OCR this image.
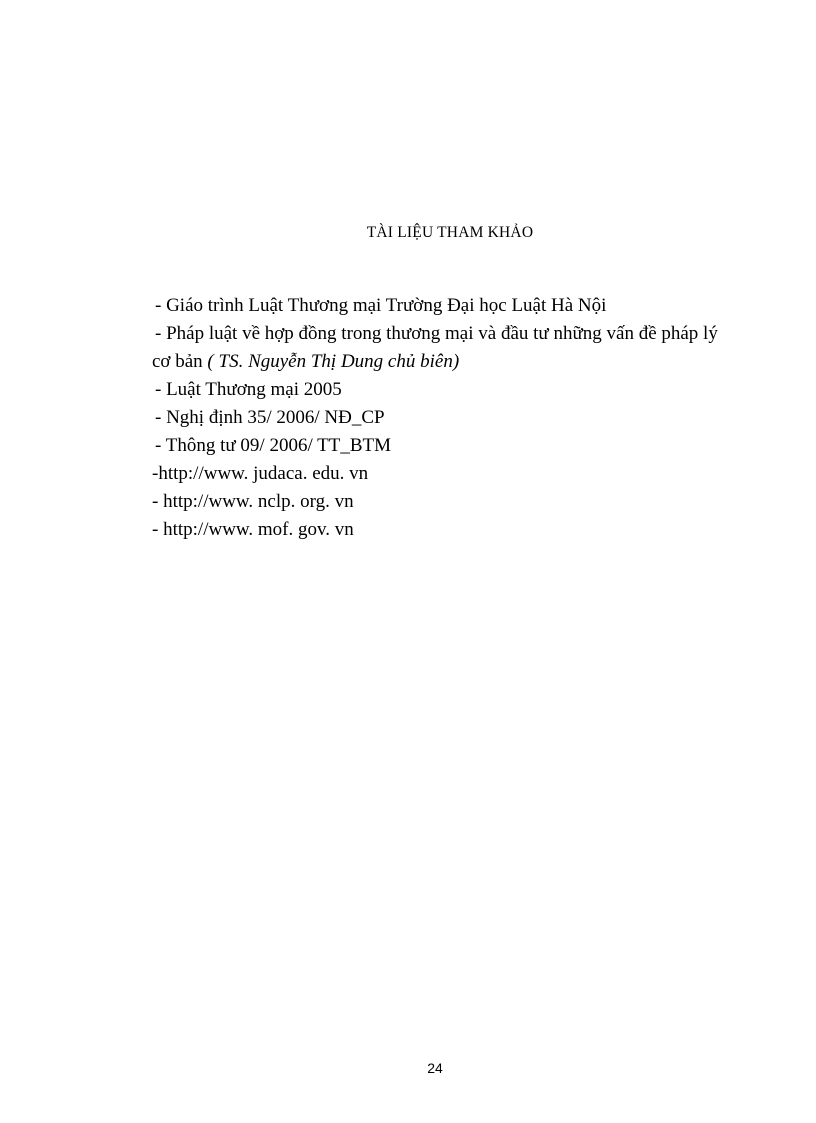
TÀI LIỆU THAM KHẢO
- Giáo trình Luật Thương mại Trường Đại học Luật Hà Nội
- Pháp luật về hợp đồng trong thương mại và đầu tư những vấn đề pháp lý cơ bản ( TS. Nguyễn Thị Dung chủ biên)
- Luật Thương mại 2005
- Nghị định 35/ 2006/ NĐ_CP
- Thông tư 09/ 2006/ TT_BTM
-http://www. judaca. edu. vn
- http://www. nclp. org. vn
- http://www. mof. gov. vn
24
